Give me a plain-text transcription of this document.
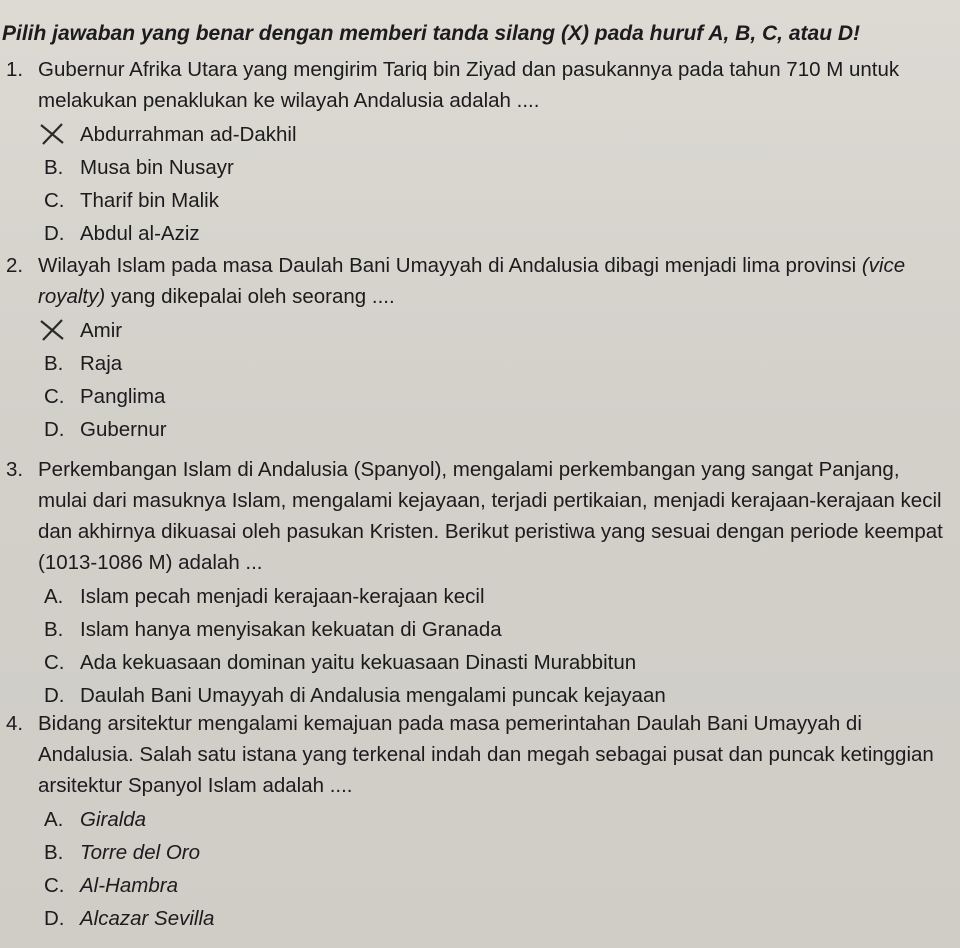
Pilih jawaban yang benar dengan memberi tanda silang (X) pada huruf A, B, C, atau D!
1. Gubernur Afrika Utara yang mengirim Tariq bin Ziyad dan pasukannya pada tahun 710 M untuk melakukan penaklukan ke wilayah Andalusia adalah ....
Abdurrahman ad-Dakhil
B. Musa bin Nusayr
C. Tharif bin Malik
D. Abdul al-Aziz
2. Wilayah Islam pada masa Daulah Bani Umayyah di Andalusia dibagi menjadi lima provinsi (vice royalty) yang dikepalai oleh seorang ....
Amir
B. Raja
C. Panglima
D. Gubernur
3. Perkembangan Islam di Andalusia (Spanyol), mengalami perkembangan yang sangat Panjang, mulai dari masuknya Islam, mengalami kejayaan, terjadi pertikaian, menjadi kerajaan-kerajaan kecil dan akhirnya dikuasai oleh pasukan Kristen. Berikut peristiwa yang sesuai dengan periode keempat (1013-1086 M) adalah ...
A. Islam pecah menjadi kerajaan-kerajaan kecil
B. Islam hanya menyisakan kekuatan di Granada
C. Ada kekuasaan dominan yaitu kekuasaan Dinasti Murabbitun
D. Daulah Bani Umayyah di Andalusia mengalami puncak kejayaan
4. Bidang arsitektur mengalami kemajuan pada masa pemerintahan Daulah Bani Umayyah di Andalusia. Salah satu istana yang terkenal indah dan megah sebagai pusat dan puncak ketinggian arsitektur Spanyol Islam adalah ....
A. Giralda
B. Torre del Oro
C. Al-Hambra
D. Alcazar Sevilla
